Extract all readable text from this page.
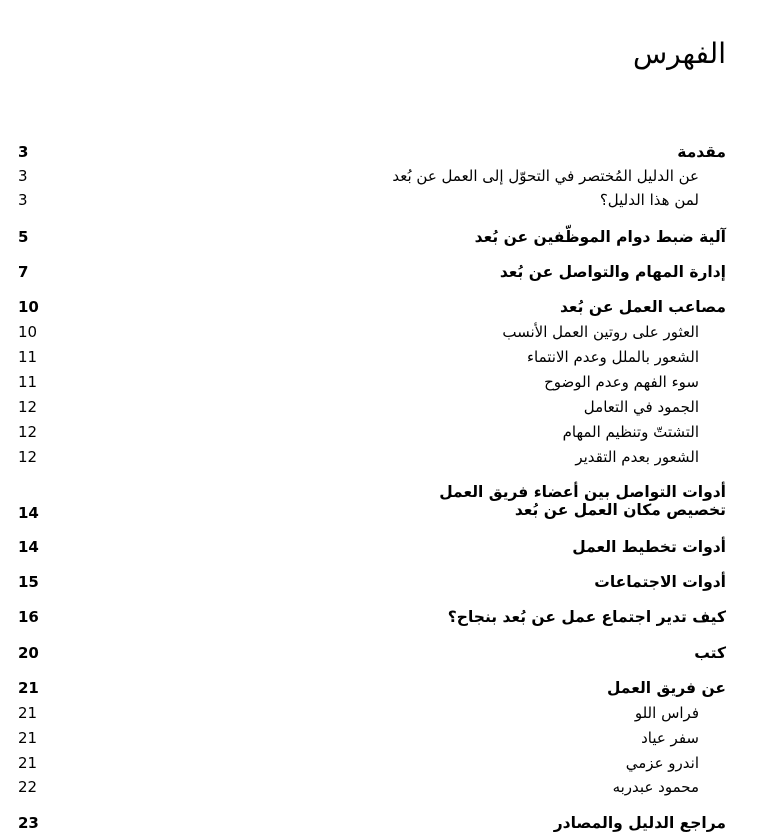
الفهرس
مقدمة
3
عن الدليل المُختصر في التحوّل إلى العمل عن بُعد
3
لمن هذا الدليل؟
3
آلية ضبط دوام الموظّفين عن بُعد
5
إدارة المهام والتواصل عن بُعد
7
مصاعب العمل عن بُعد
10
العثور على روتين العمل الأنسب
10
الشعور بالملل وعدم الانتماء
11
سوء الفهم وعدم الوضوح
11
الجمود في التعامل
12
التشتتّ وتنظيم المهام
12
الشعور بعدم التقدير
12
أدوات التواصل بين أعضاء فريق العمل
تخصيص مكان العمل عن بُعد
14
أدوات تخطيط العمل
14
أدوات الاجتماعات
15
كيف تدير اجتماع عمل عن بُعد بنجاح؟
16
كتب
20
عن فريق العمل
21
فراس اللو
21
سفر عياد
21
اندرو عزمي
21
محمود عبدربه
22
مراجع الدليل والمصادر
23
